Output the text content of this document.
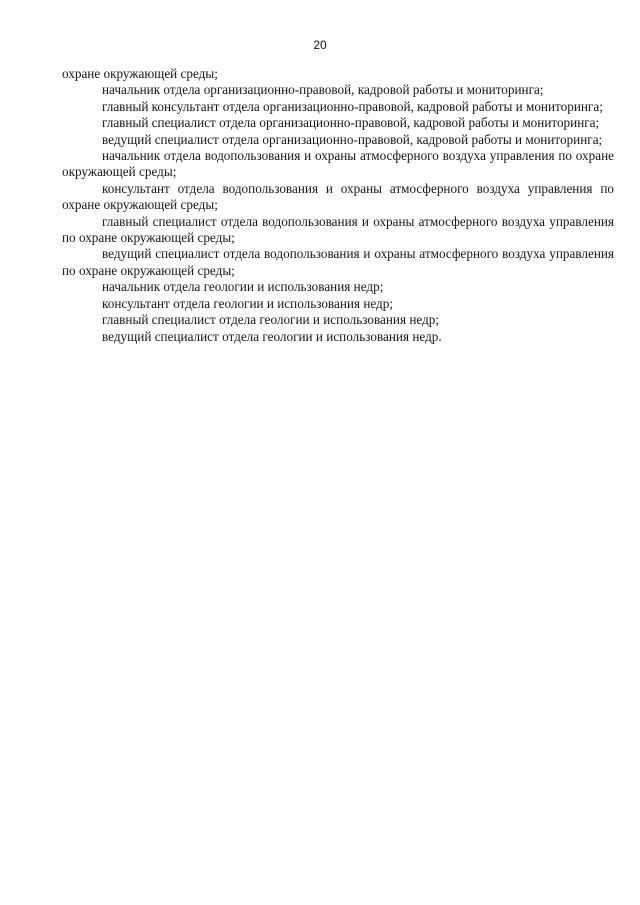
20

охране окружающей среды;

начальник отдела организационно-правовой, кадровой работы и мониторинга;

главный консультант отдела организационно-правовой, кадровой работы и мониторинга;

главный специалист отдела организационно-правовой, кадровой работы и мониторинга;

ведущий специалист отдела организационно-правовой, кадровой работы и мониторинга;

начальник отдела водопользования и охраны атмосферного воздуха управления по охране окружающей среды;

консультант отдела водопользования и охраны атмосферного воздуха управления по охране окружающей среды;

главный специалист отдела водопользования и охраны атмосферного воздуха управления по охране окружающей среды;

ведущий специалист отдела водопользования и охраны атмосферного воздуха управления по охране окружающей среды;

начальник отдела геологии и использования недр;

консультант отдела геологии и использования недр;

главный специалист отдела геологии и использования недр;

ведущий специалист отдела геологии и использования недр.
